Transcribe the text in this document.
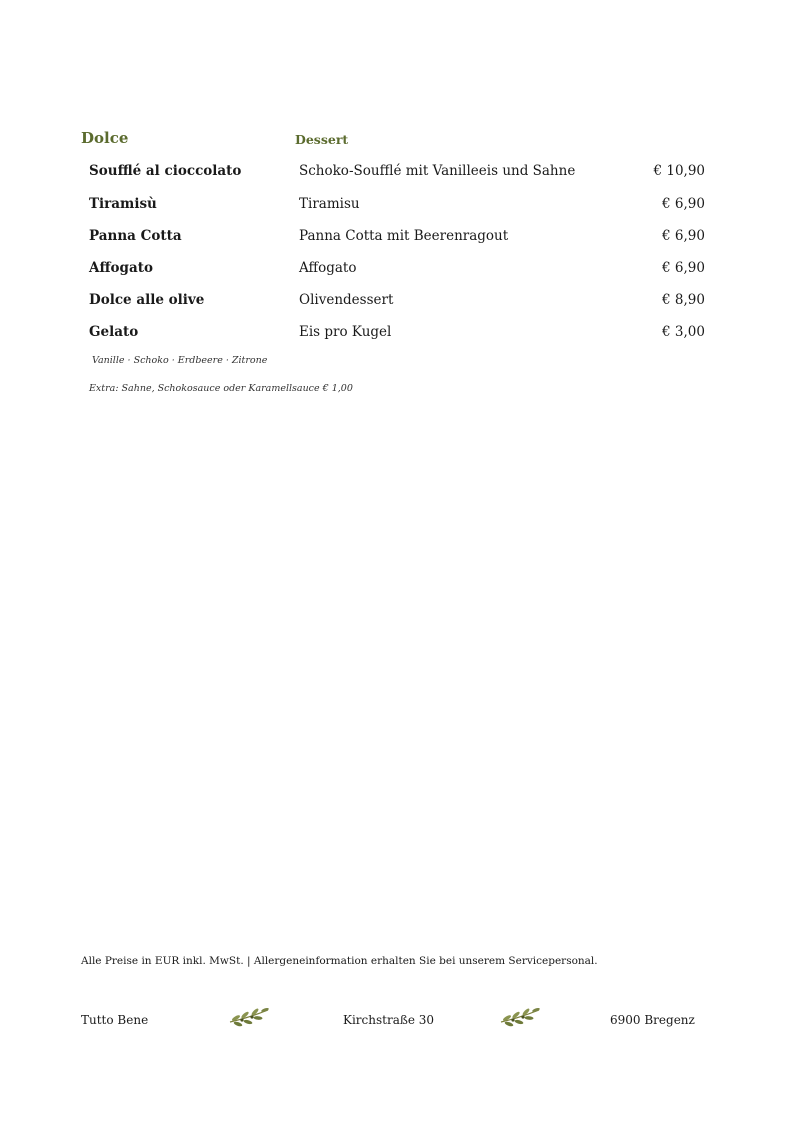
Dolce	Dessert
Soufflé al cioccolato	Schoko-Soufflé mit Vanilleeis und Sahne	€ 10,90
Tiramisù	Tiramisu	€ 6,90
Panna Cotta	Panna Cotta mit Beerenragout	€ 6,90
Affogato	Affogato	€ 6,90
Dolce alle olive	Olivendessert	€ 8,90
Gelato	Eis pro Kugel	€ 3,00
Vanille · Schoko · Erdbeere · Zitrone
Extra: Sahne, Schokosauce oder Karamellsauce € 1,00
Alle Preise in EUR inkl. MwSt. | Allergeneinformation erhalten Sie bei unserem Servicepersonal.
Tutto Bene	Kirchstraße 30	6900 Bregenz
